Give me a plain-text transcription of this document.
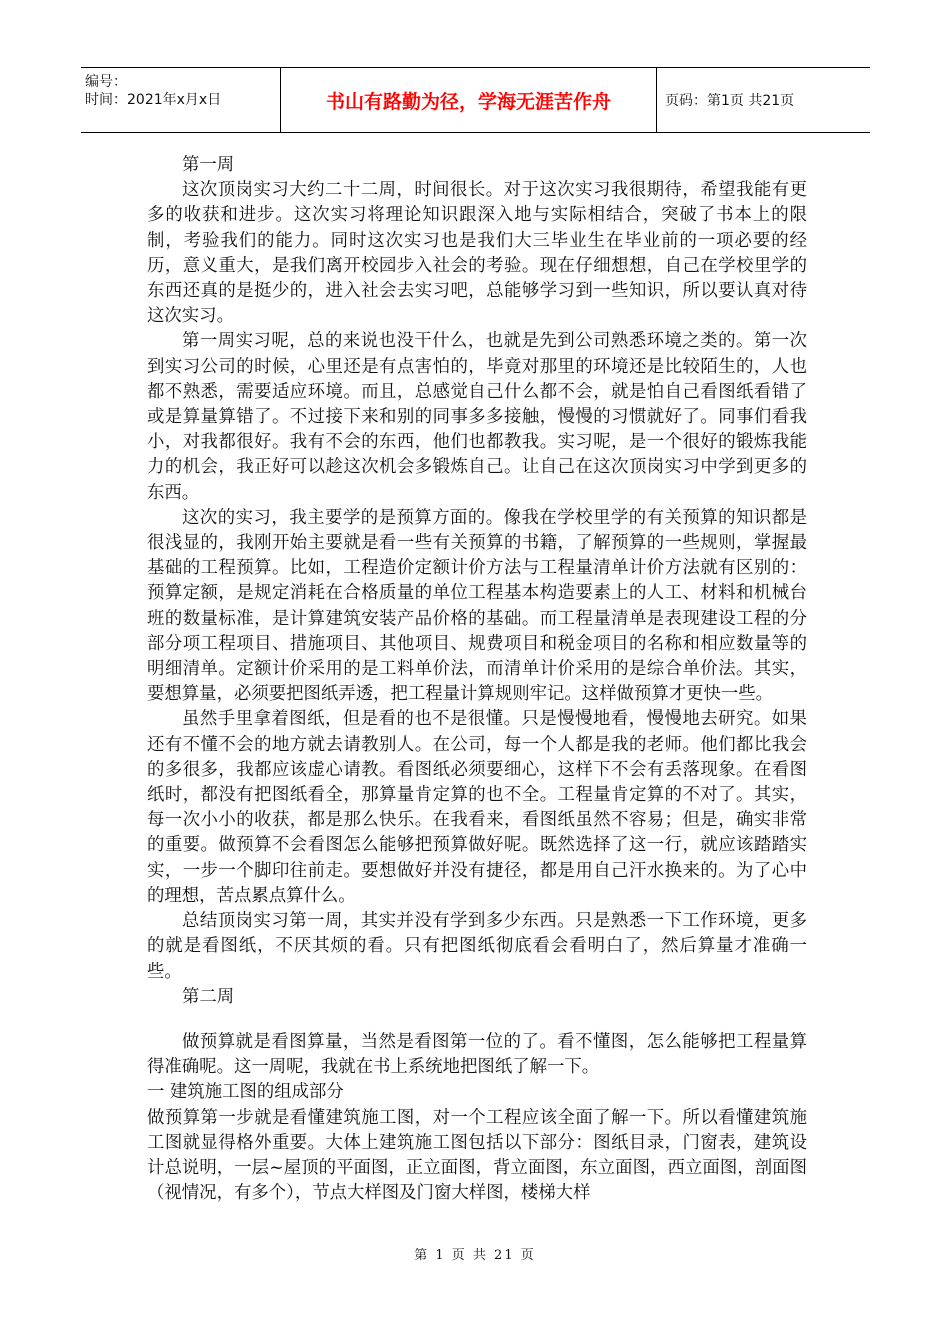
编号：
时间：2021年x月x日	书山有路勤为径，学海无涯苦作舟	页码：第1页 共21页

第一周

这次顶岗实习大约二十二周，时间很长。对于这次实习我很期待，希望我能有更多的收获和进步。这次实习将理论知识跟深入地与实际相结合，突破了书本上的限制，考验我们的能力。同时这次实习也是我们大三毕业生在毕业前的一项必要的经历，意义重大，是我们离开校园步入社会的考验。现在仔细想想，自己在学校里学的东西还真的是挺少的，进入社会去实习吧，总能够学习到一些知识，所以要认真对待这次实习。

第一周实习呢，总的来说也没干什么，也就是先到公司熟悉环境之类的。第一次到实习公司的时候，心里还是有点害怕的，毕竟对那里的环境还是比较陌生的，人也都不熟悉，需要适应环境。而且，总感觉自己什么都不会，就是怕自己看图纸看错了或是算量算错了。不过接下来和别的同事多多接触，慢慢的习惯就好了。同事们看我小，对我都很好。我有不会的东西，他们也都教我。实习呢，是一个很好的锻炼我能力的机会，我正好可以趁这次机会多锻炼自己。让自己在这次顶岗实习中学到更多的东西。

这次的实习，我主要学的是预算方面的。像我在学校里学的有关预算的知识都是很浅显的，我刚开始主要就是看一些有关预算的书籍，了解预算的一些规则，掌握最基础的工程预算。比如，工程造价定额计价方法与工程量清单计价方法就有区别的：预算定额，是规定消耗在合格质量的单位工程基本构造要素上的人工、材料和机械台班的数量标准，是计算建筑安装产品价格的基础。而工程量清单是表现建设工程的分部分项工程项目、措施项目、其他项目、规费项目和税金项目的名称和相应数量等的明细清单。定额计价采用的是工料单价法，而清单计价采用的是综合单价法。其实，要想算量，必须要把图纸弄透，把工程量计算规则牢记。这样做预算才更快一些。

虽然手里拿着图纸，但是看的也不是很懂。只是慢慢地看，慢慢地去研究。如果还有不懂不会的地方就去请教别人。在公司，每一个人都是我的老师。他们都比我会的多很多，我都应该虚心请教。看图纸必须要细心，这样下不会有丢落现象。在看图纸时，都没有把图纸看全，那算量肯定算的也不全。工程量肯定算的不对了。其实，每一次小小的收获，都是那么快乐。在我看来，看图纸虽然不容易；但是，确实非常的重要。做预算不会看图怎么能够把预算做好呢。既然选择了这一行，就应该踏踏实实，一步一个脚印往前走。要想做好并没有捷径，都是用自己汗水换来的。为了心中的理想，苦点累点算什么。

总结顶岗实习第一周，其实并没有学到多少东西。只是熟悉一下工作环境，更多的就是看图纸，不厌其烦的看。只有把图纸彻底看会看明白了，然后算量才准确一些。

第二周

做预算就是看图算量，当然是看图第一位的了。看不懂图，怎么能够把工程量算得准确呢。这一周呢，我就在书上系统地把图纸了解一下。

一 建筑施工图的组成部分

做预算第一步就是看懂建筑施工图，对一个工程应该全面了解一下。所以看懂建筑施工图就显得格外重要。大体上建筑施工图包括以下部分：图纸目录，门窗表，建筑设计总说明，一层~屋顶的平面图，正立面图，背立面图，东立面图，西立面图，剖面图（视情况，有多个），节点大样图及门窗大样图，楼梯大样

第 1 页 共 21 页
